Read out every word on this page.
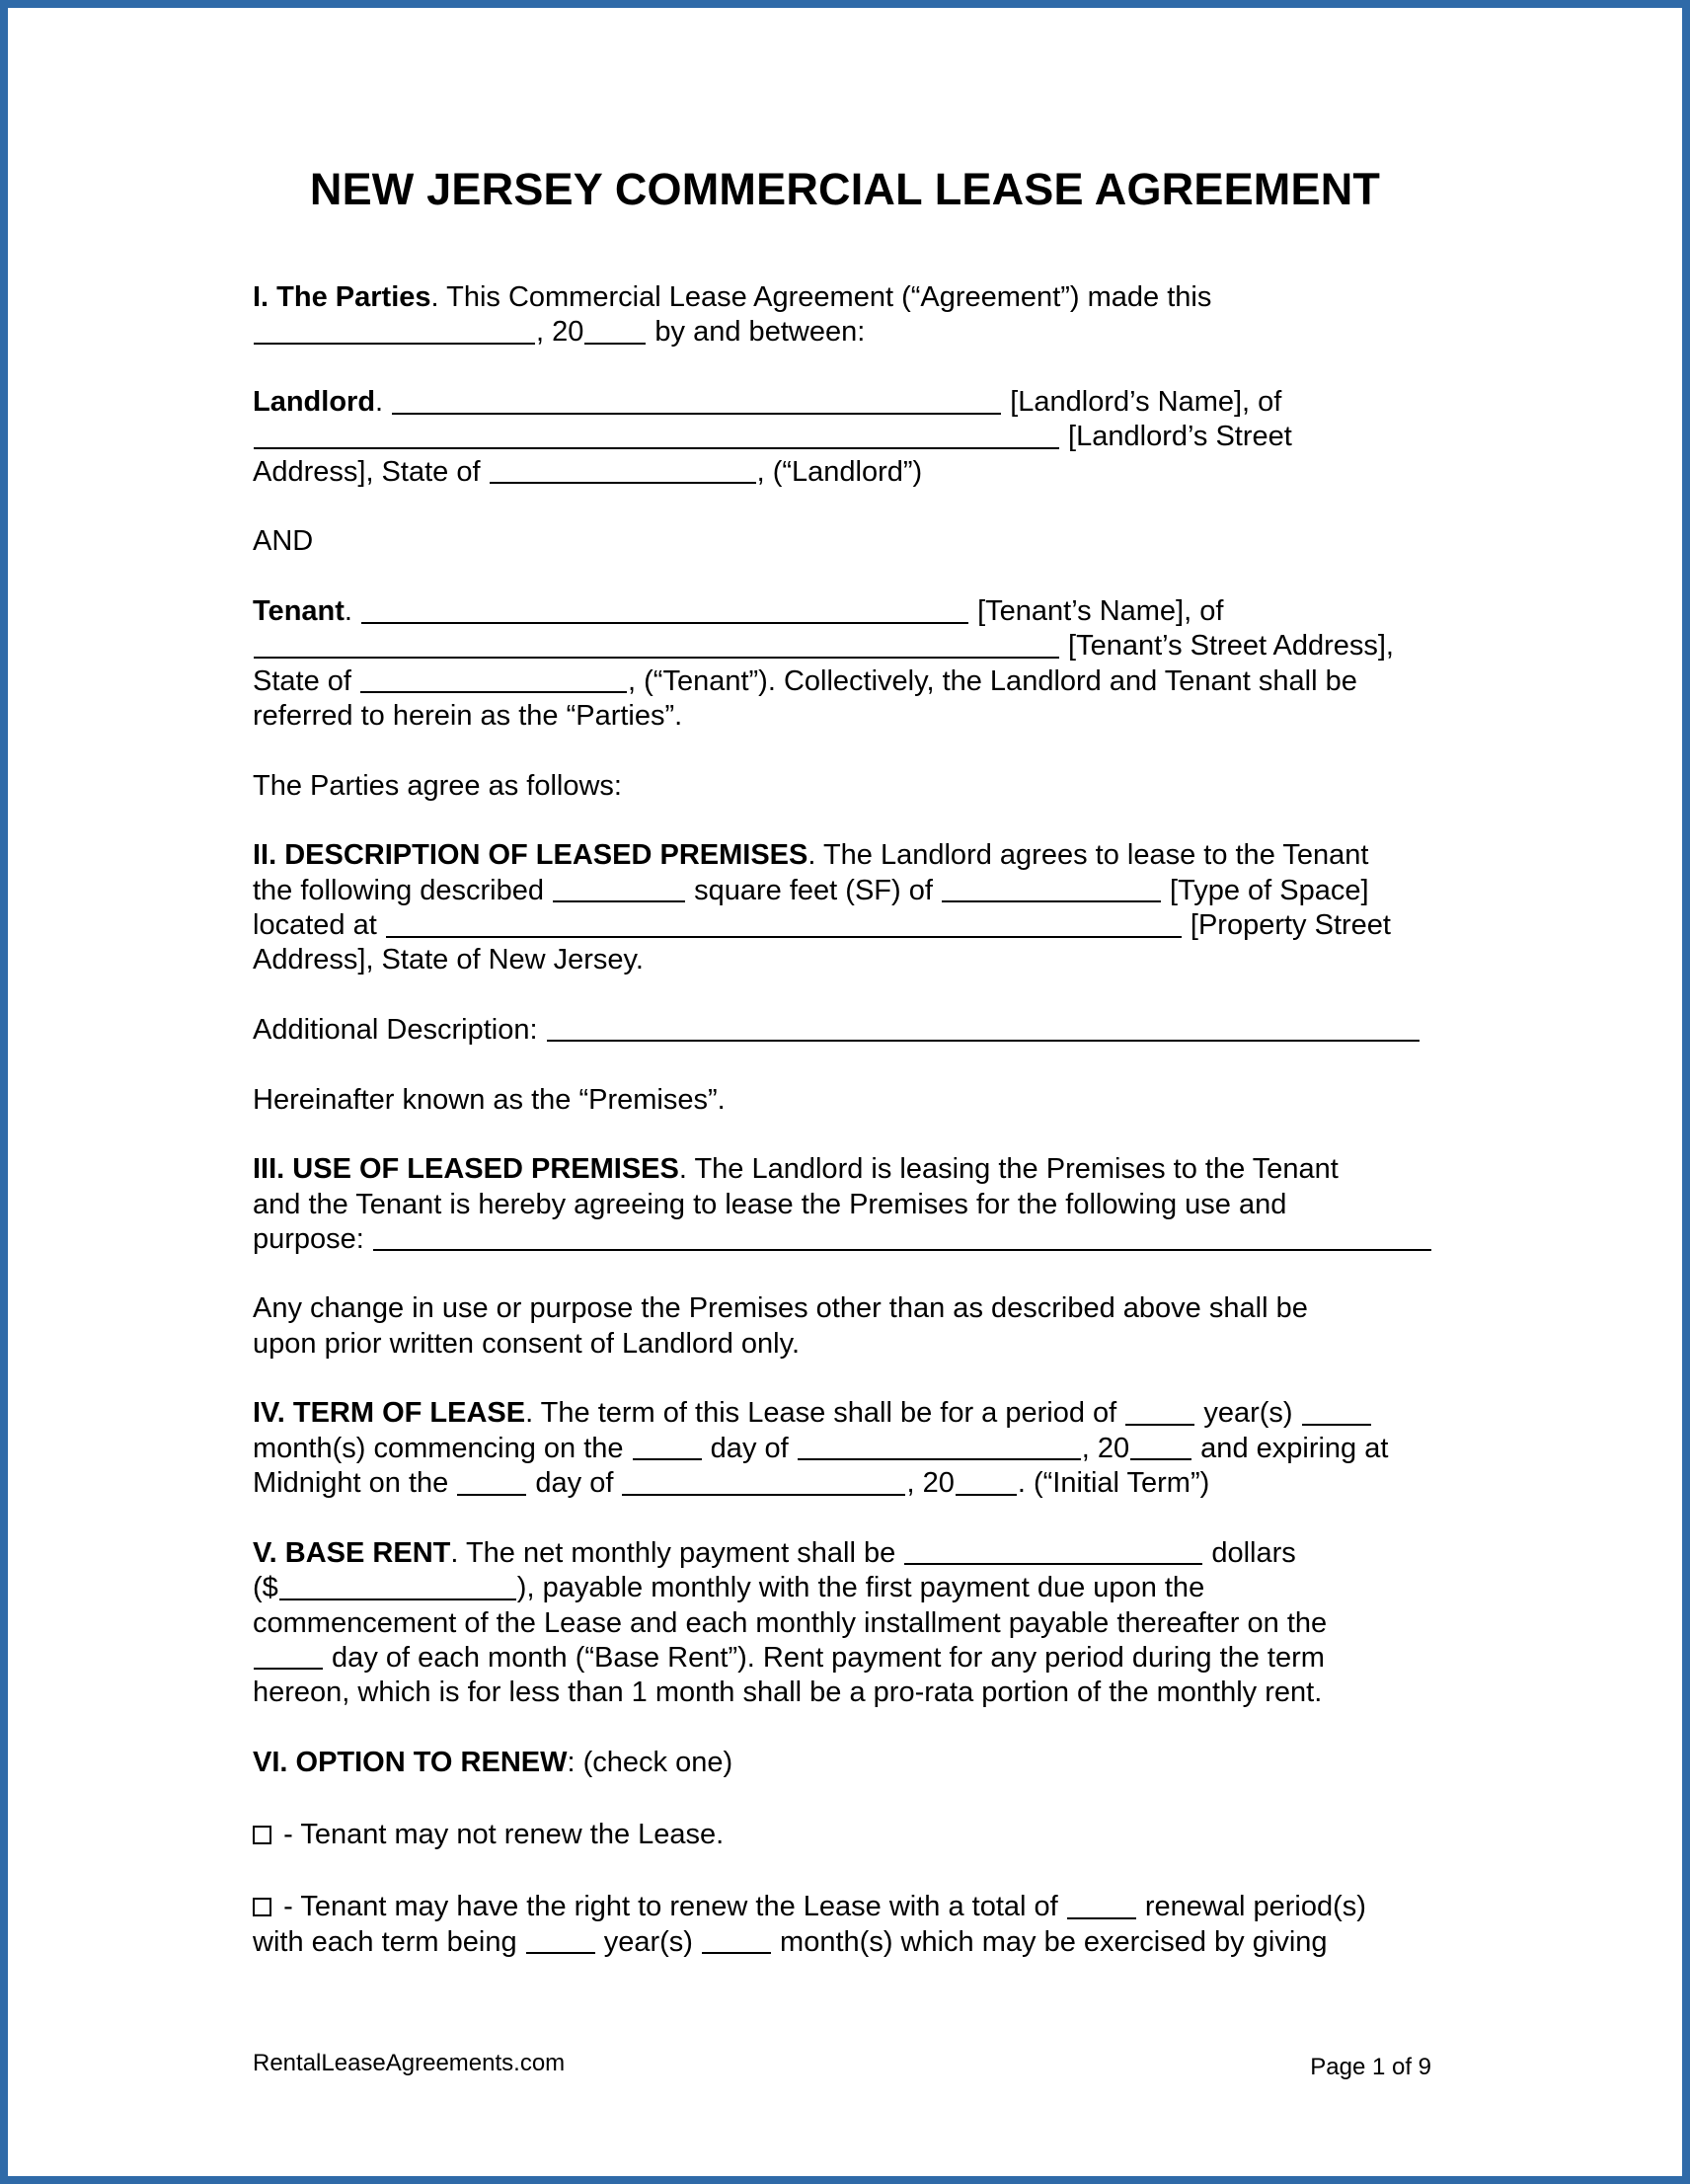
NEW JERSEY COMMERCIAL LEASE AGREEMENT

I. The Parties. This Commercial Lease Agreement (“Agreement”) made this
, 20 by and between:

Landlord.	[Landlord’s Name], of
[Landlord’s Street
Address], State of	, (“Landlord”)

AND

Tenant.	[Tenant’s Name], of
[Tenant’s Street Address],
State of	, (“Tenant”). Collectively, the Landlord and Tenant shall be
referred to herein as the “Parties”.

The Parties agree as follows:

II. DESCRIPTION OF LEASED PREMISES. The Landlord agrees to lease to the Tenant
the following described	square feet (SF) of	[Type of Space]
located at	[Property Street
Address], State of New Jersey.

Additional Description:

Hereinafter known as the “Premises”.

III. USE OF LEASED PREMISES. The Landlord is leasing the Premises to the Tenant
and the Tenant is hereby agreeing to lease the Premises for the following use and
purpose:

Any change in use or purpose the Premises other than as described above shall be
upon prior written consent of Landlord only.

IV. TERM OF LEASE. The term of this Lease shall be for a period of  year(s)
month(s) commencing on the  day of	, 20 and expiring at
Midnight on the  day of	, 20 . (“Initial Term”)

V. BASE RENT. The net monthly payment shall be	dollars
($	), payable monthly with the first payment due upon the
commencement of the Lease and each monthly installment payable thereafter on the
day of each month (“Base Rent”). Rent payment for any period during the term
hereon, which is for less than 1 month shall be a pro-rata portion of the monthly rent.

VI. OPTION TO RENEW: (check one)

- Tenant may not renew the Lease.

- Tenant may have the right to renew the Lease with a total of  renewal period(s)
with each term being  year(s)  month(s) which may be exercised by giving

RentalLeaseAgreements.com	Page 1 of 9
